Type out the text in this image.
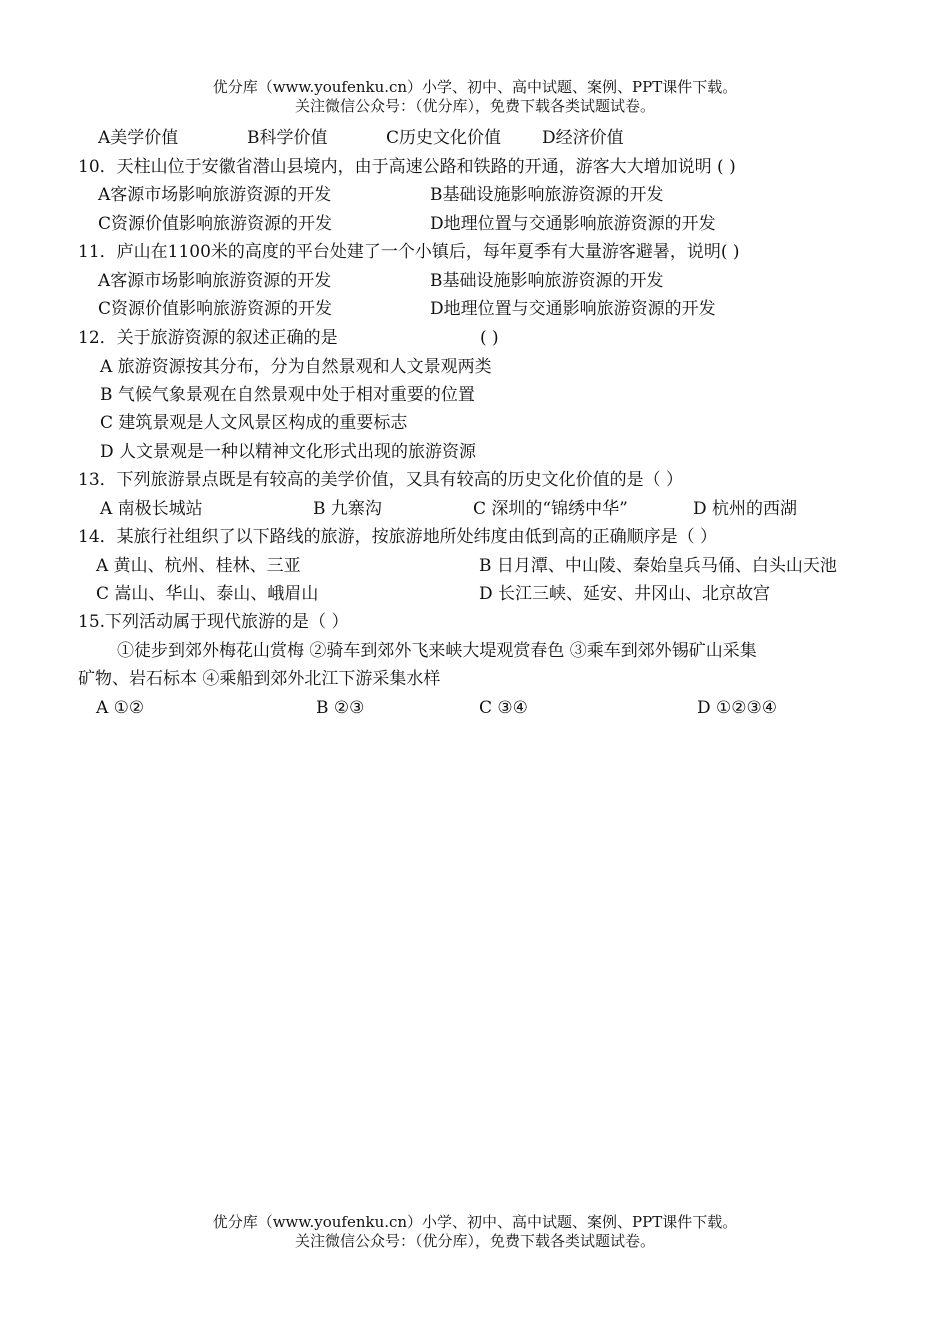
优分库（www.youfenku.cn）小学、初中、高中试题、案例、PPT课件下载。
关注微信公众号：（优分库），免费下载各类试题试卷。
A美学价值	B科学价值	C历史文化价值 D经济价值
10．天柱山位于安徽省潜山县境内，由于高速公路和铁路的开通，游客大大增加说明 ( )
A客源市场影响旅游资源的开发	B基础设施影响旅游资源的开发
C资源价值影响旅游资源的开发	D地理位置与交通影响旅游资源的开发
11．庐山在1100米的高度的平台处建了一个小镇后，每年夏季有大量游客避暑，说明( )
A客源市场影响旅游资源的开发	B基础设施影响旅游资源的开发
C资源价值影响旅游资源的开发	D地理位置与交通影响旅游资源的开发
12．关于旅游资源的叙述正确的是	( )
A 旅游资源按其分布，分为自然景观和人文景观两类
B 气候气象景观在自然景观中处于相对重要的位置
C 建筑景观是人文风景区构成的重要标志
D 人文景观是一种以精神文化形式出现的旅游资源
13．下列旅游景点既是有较高的美学价值，又具有较高的历史文化价值的是（ ）
A 南极长城站	B 九寨沟	C 深圳的“锦绣中华”	D 杭州的西湖
14．某旅行社组织了以下路线的旅游，按旅游地所处纬度由低到高的正确顺序是（ ）
A 黄山、杭州、桂林、三亚	B 日月潭、中山陵、秦始皇兵马俑、白头山天池
C 嵩山、华山、泰山、峨眉山	D 长江三峡、延安、井冈山、北京故宫
15.下列活动属于现代旅游的是（ ）
①徒步到郊外梅花山赏梅 ②骑车到郊外飞来峡大堤观赏春色 ③乘车到郊外锡矿山采集
矿物、岩石标本 ④乘船到郊外北江下游采集水样
A ①②	B ②③	C ③④	D ①②③④
优分库（www.youfenku.cn）小学、初中、高中试题、案例、PPT课件下载。
关注微信公众号：（优分库），免费下载各类试题试卷。
